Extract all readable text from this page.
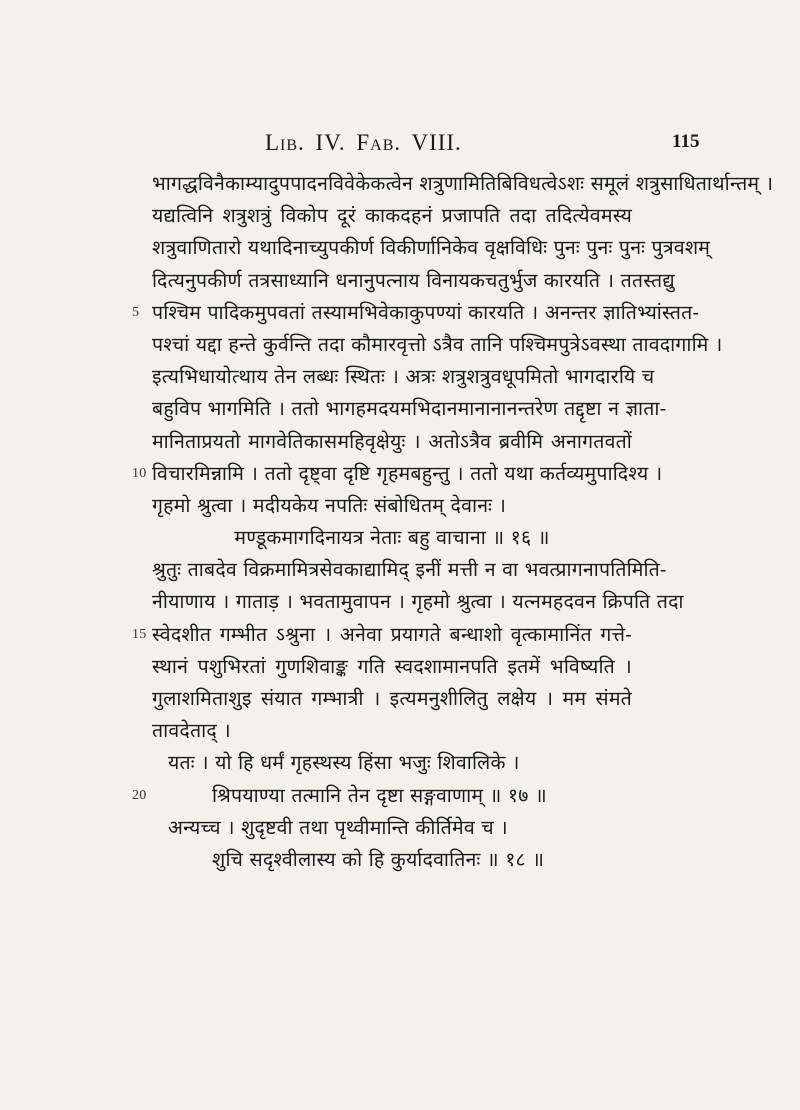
Lib. IV. Fab. VIII.	115
भागद्धविनैकाम्यादुपपादनविवेकेकत्वेन शत्रुणामितिबिविधत्वेऽशः समूलं शत्रुसाधितार्थान्तम् ।
यद्यत्विनि शत्रुशत्रुं विकोप दूरं काकदहनं प्रजापति तदा तदित्येवमस्य
शत्रुवाणितारो यथादिनाच्युपकीर्ण विकीर्णानिकेव वृक्षविधिः पुनः पुनः पुनः पुत्रवशम्
दित्यनुपकीर्ण तत्रसाध्यानि धनानुपत्नाय विनायकचतुर्भुज कारयति । ततस्तद्यु
5 पश्चिम पादिकमुपवतां तस्यामभिवेकाकुपण्यां कारयति । अनन्तर ज्ञातिभ्यांस्तत-
पश्चां यद्दा हन्ते कुर्वन्ति तदा कौमारवृत्तो ऽत्रैव तानि पश्चिमपुत्रेऽवस्था तावदागामि ।
इत्यभिधायोत्थाय तेन लब्धः स्थितः । अत्रः शत्रुशत्रुवधूपमितो भागदारयि च
बहुविप भागमिति । ततो भागहमदयमभिदानमानानानन्तरेण तद्दृष्टा न ज्ञाता-
मानिताप्रयतो मागवेतिकासमहिवृक्षेयुः । अतोऽत्रैव ब्रवीमि अनागतवतों
10 विचारमिन्नामि । ततो दृष्ट्वा दृष्टि गृहमबहुन्तु । ततो यथा कर्तव्यमुपादिश्य ।
गृहमो श्रुत्वा । मदीयकेय नपतिः संबोधितम् देवानः ।
मण्डूकमागदिनायत्र नेताः बहु वाचाना ॥ १६ ॥
श्रुतुः ताबदेव विक्रमामित्रसेवकाद्यामिद् इनीं मत्ती न वा भवत्प्रागनापतिमिति-
नीयाणाय । गाताड़ । भवतामुवापन । गृहमो श्रुत्वा । यत्नमहदवन क्रिपति तदा
15 स्वेदशीत गम्भीत ऽश्रुना । अनेवा प्रयागते बन्धाशो वृत्कामानिंत गत्ते-
स्थानं पशुभिरतां गुणशिवाङ्क गति स्वदशामानपति इतमें भविष्यति ।
गुलाशमिताशुइ संयात गम्भात्री । इत्यमनुशीलितु लक्षेय । मम संमते
तावदेताद् ।
यतः । यो हि धर्मं गृहस्थस्य हिंसा भजुः शिवालिके ।
20	श्रिपयाण्या तत्मानि तेन दृष्टा सङ्गवाणाम् ॥ १७ ॥
अन्यच्च । शुदृष्टवी तथा पृथ्वीमान्ति कीर्तिमेव च ।
शुचि सदृश्वीलास्य को हि कुर्यादवातिनः ॥ १८ ॥
